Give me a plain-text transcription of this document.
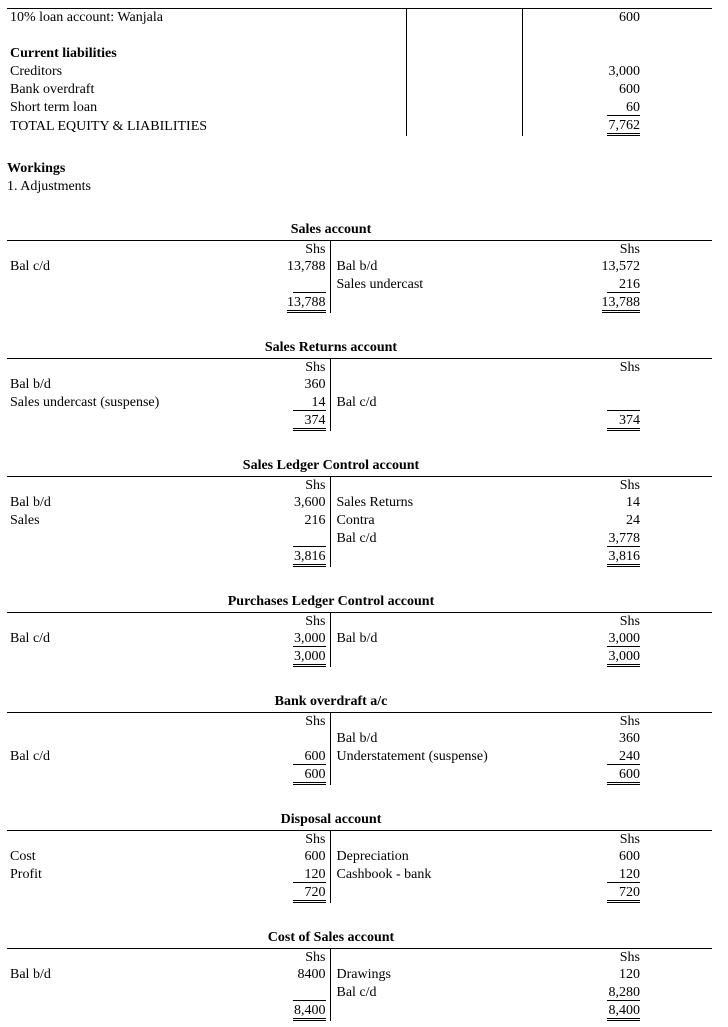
10% loan account: Wanjala		600

Current liabilities		
Creditors		3,000
Bank overdraft		600
Short term loan		60
TOTAL EQUITY & LIABILITIES		7,762
Workings
1. Adjustments
Sales account
	Shs		Shs	
Bal c/d	13,788	Bal b/d	13,572	
		Sales undercast	216	
	13,788		13,788	
Sales Returns account
	Shs		Shs	
Bal b/d	360			
Sales undercast (suspense)	14	Bal c/d		
	374		374	
Sales Ledger Control account
	Shs		Shs	
Bal b/d	3,600	Sales Returns	14	
Sales	216	Contra	24	
		Bal c/d	3,778	
	3,816		3,816	
Purchases Ledger Control account
	Shs		Shs	
Bal c/d	3,000	Bal b/d	3,000	
	3,000		3,000	
Bank overdraft a/c
	Shs		Shs	
		Bal b/d	360	
Bal c/d	600	Understatement (suspense)	240	
	600		600	
Disposal account
	Shs		Shs	
Cost	600	Depreciation	600	
Profit	120	Cashbook - bank	120	
	720		720	
Cost of Sales account
	Shs		Shs	
Bal b/d	8400	Drawings	120	
		Bal c/d	8,280	
	8,400		8,400	
